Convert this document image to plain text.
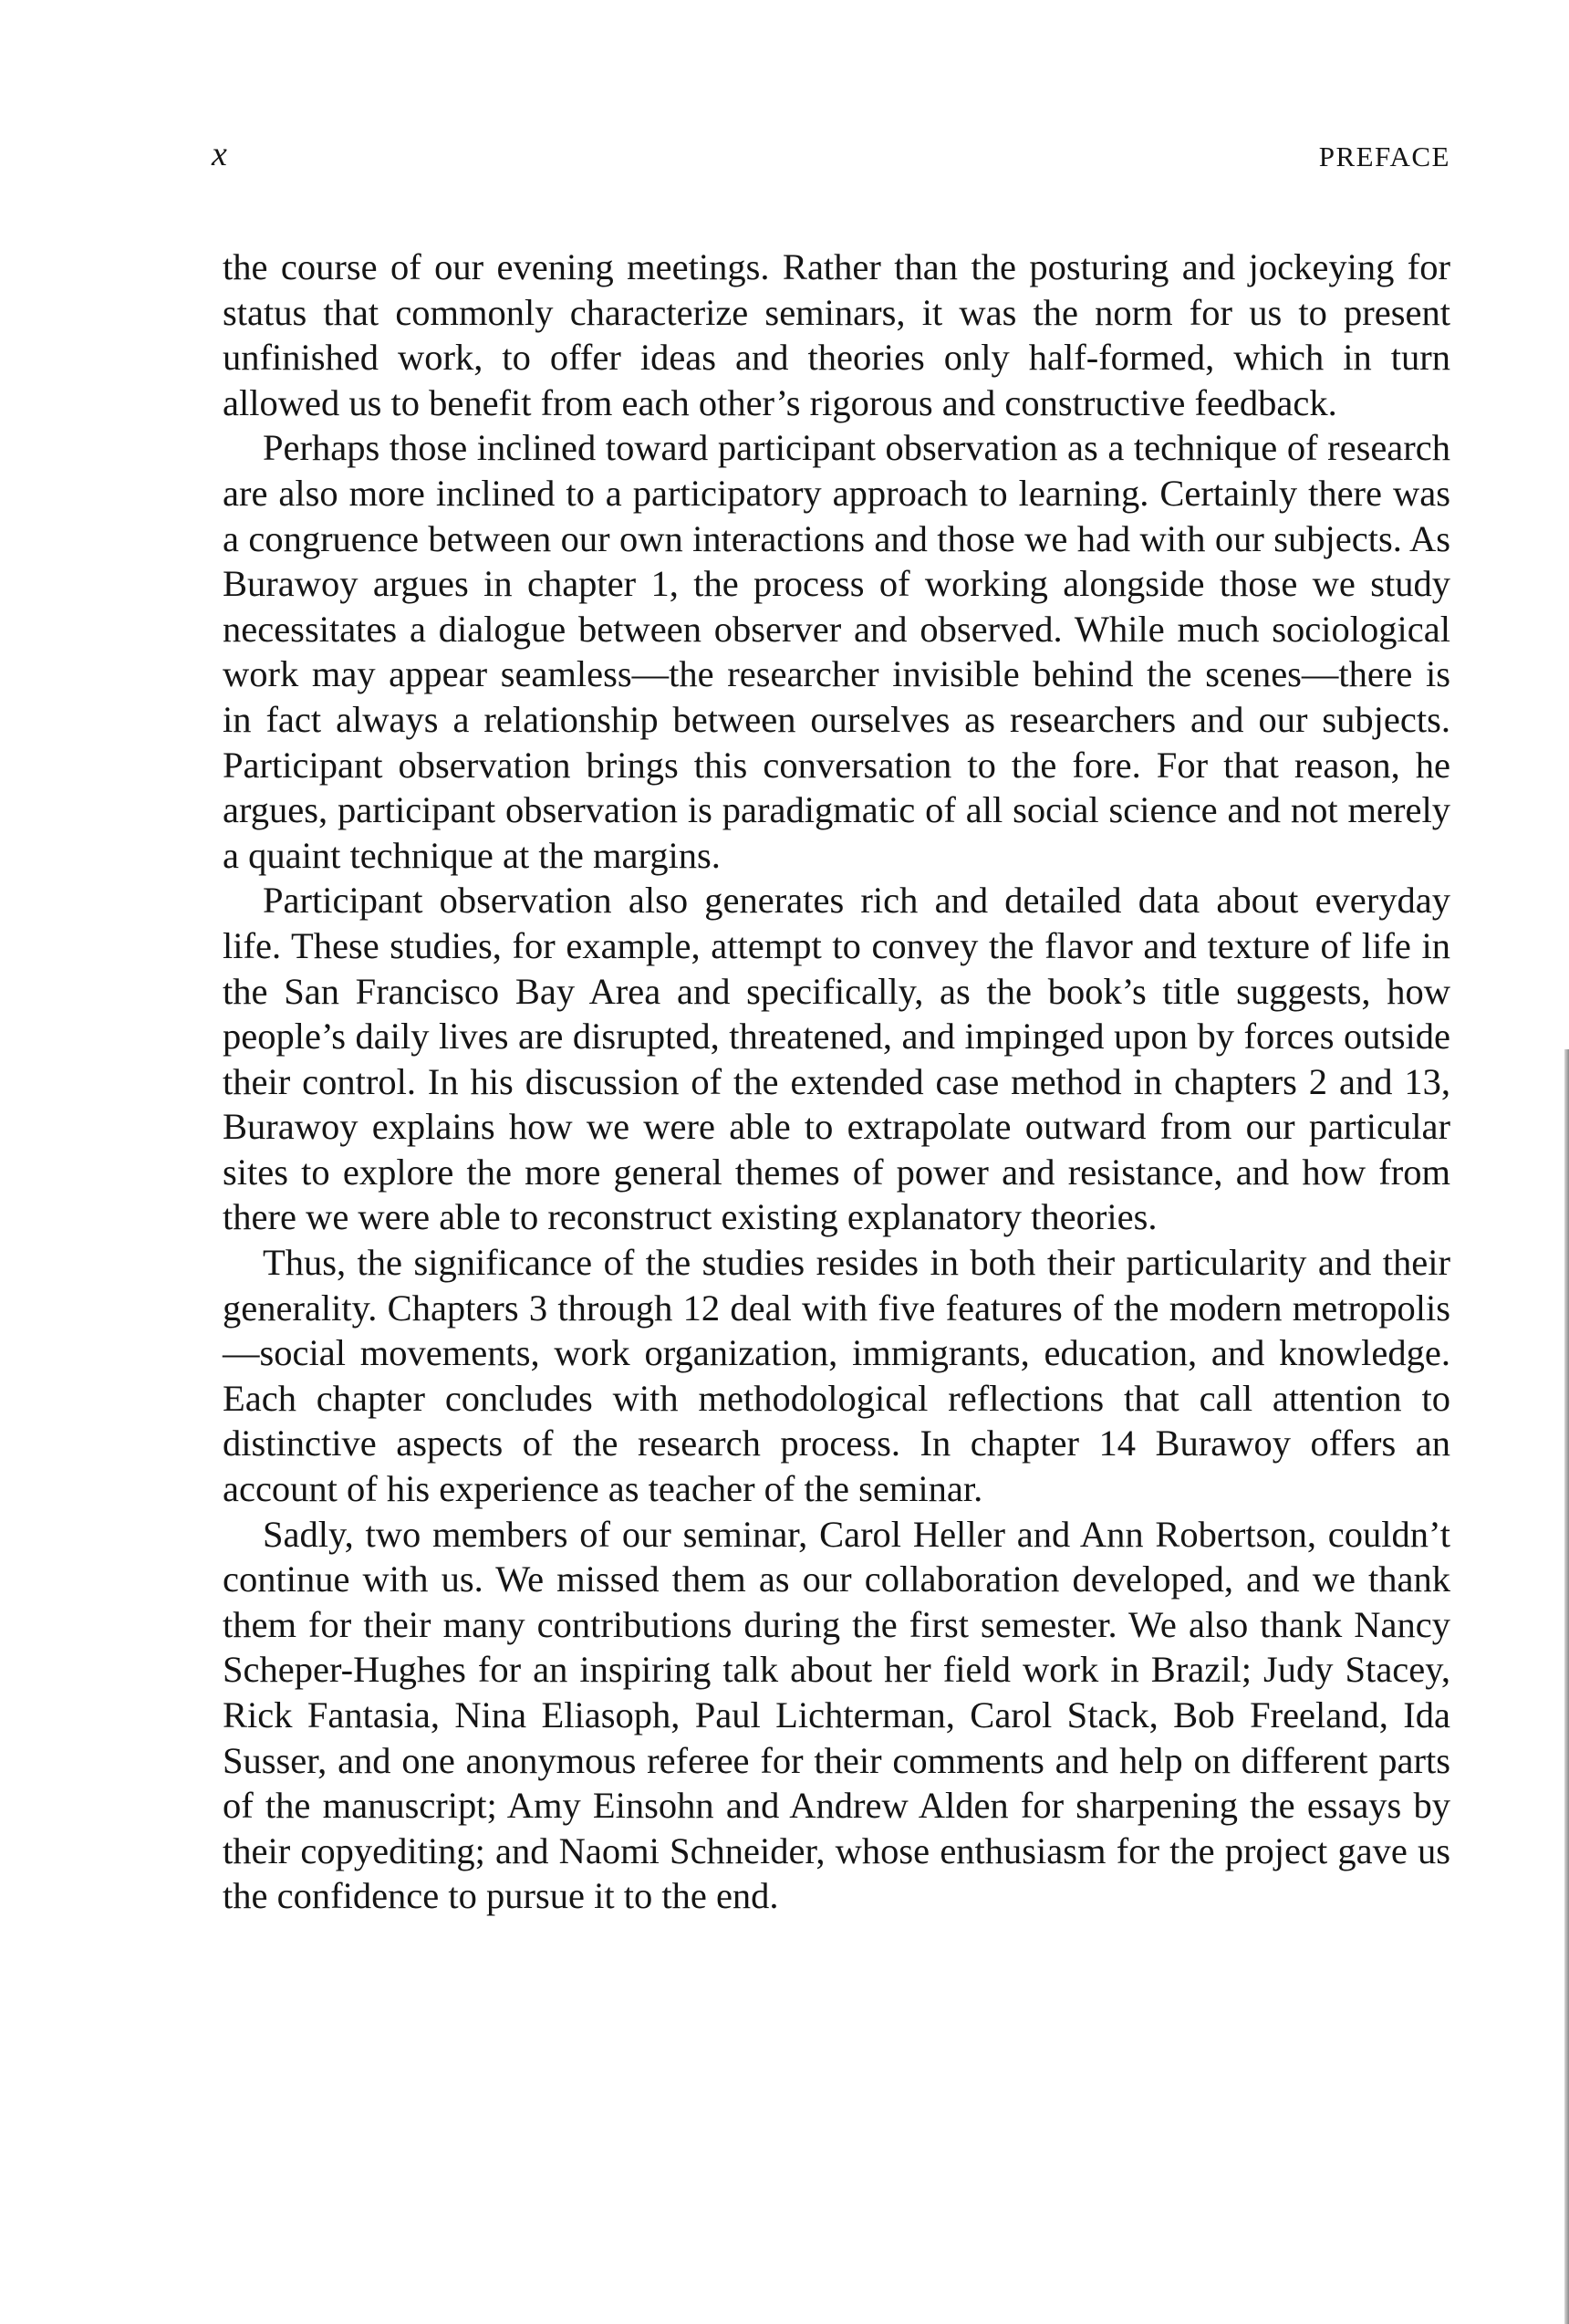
x	PREFACE

the course of our evening meetings. Rather than the posturing and jockeying for status that commonly characterize seminars, it was the norm for us to present unfinished work, to offer ideas and theories only half-formed, which in turn allowed us to benefit from each other’s rigorous and constructive feedback.

Perhaps those inclined toward participant observation as a technique of research are also more inclined to a participatory approach to learning. Certainly there was a congruence between our own interactions and those we had with our subjects. As Burawoy argues in chapter 1, the process of working alongside those we study necessitates a dialogue between observer and observed. While much sociological work may appear seamless—the researcher invisible behind the scenes—there is in fact always a relationship between ourselves as researchers and our subjects. Participant observation brings this conversation to the fore. For that reason, he argues, participant observation is paradigmatic of all social science and not merely a quaint technique at the margins.

Participant observation also generates rich and detailed data about everyday life. These studies, for example, attempt to convey the flavor and texture of life in the San Francisco Bay Area and specifically, as the book’s title suggests, how people’s daily lives are disrupted, threatened, and impinged upon by forces outside their control. In his discussion of the extended case method in chapters 2 and 13, Burawoy explains how we were able to extrapolate outward from our particular sites to explore the more general themes of power and resistance, and how from there we were able to reconstruct existing explanatory theories.

Thus, the significance of the studies resides in both their particularity and their generality. Chapters 3 through 12 deal with five features of the modern metropolis—social movements, work organization, immigrants, education, and knowledge. Each chapter concludes with methodological reflections that call attention to distinctive aspects of the research process. In chapter 14 Burawoy offers an account of his experience as teacher of the seminar.

Sadly, two members of our seminar, Carol Heller and Ann Robertson, couldn’t continue with us. We missed them as our collaboration developed, and we thank them for their many contributions during the first semester. We also thank Nancy Scheper-Hughes for an inspiring talk about her field work in Brazil; Judy Stacey, Rick Fantasia, Nina Eliasoph, Paul Lichterman, Carol Stack, Bob Freeland, Ida Susser, and one anonymous referee for their comments and help on different parts of the manuscript; Amy Einsohn and Andrew Alden for sharpening the essays by their copyediting; and Naomi Schneider, whose enthusiasm for the project gave us the confidence to pursue it to the end.
